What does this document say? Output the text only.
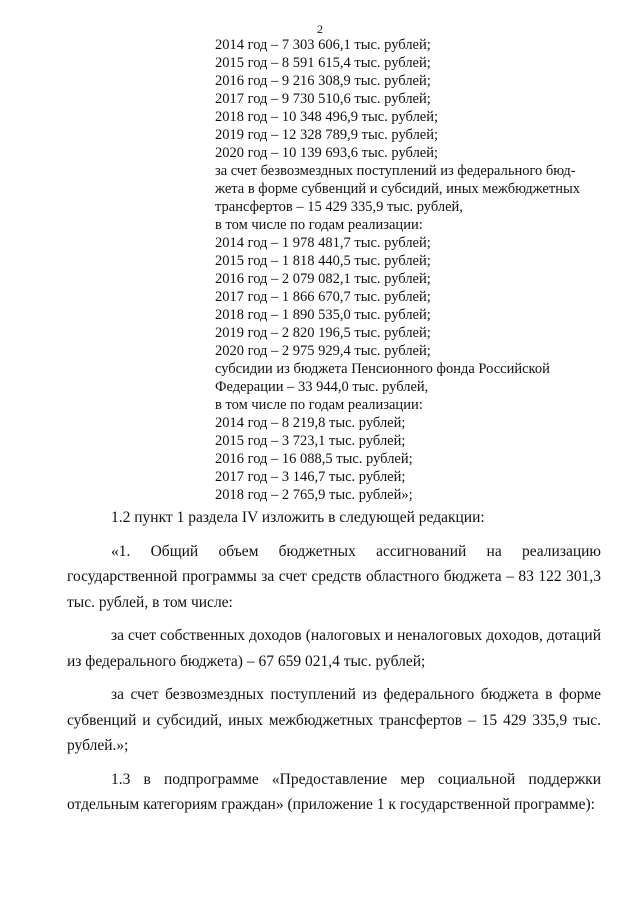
2
2014 год – 7 303 606,1 тыс. рублей;
2015 год – 8 591 615,4 тыс. рублей;
2016 год – 9 216 308,9 тыс. рублей;
2017 год – 9 730 510,6 тыс. рублей;
2018 год – 10 348 496,9 тыс. рублей;
2019 год – 12 328 789,9 тыс. рублей;
2020 год – 10 139 693,6 тыс. рублей;
за счет безвозмездных поступлений из федерального бюд-
жета в форме субвенций и субсидий, иных межбюджетных
трансфертов – 15 429 335,9 тыс. рублей,
в том числе по годам реализации:
2014 год – 1 978 481,7 тыс. рублей;
2015 год – 1 818 440,5 тыс. рублей;
2016 год – 2 079 082,1 тыс. рублей;
2017 год – 1 866 670,7 тыс. рублей;
2018 год – 1 890 535,0 тыс. рублей;
2019 год – 2 820 196,5 тыс. рублей;
2020 год – 2 975 929,4 тыс. рублей;
субсидии из бюджета Пенсионного фонда Российской
Федерации – 33 944,0 тыс. рублей,
в том числе по годам реализации:
2014 год – 8 219,8 тыс. рублей;
2015 год – 3 723,1 тыс. рублей;
2016 год – 16 088,5 тыс. рублей;
2017 год – 3 146,7 тыс. рублей;
2018 год – 2 765,9 тыс. рублей»;

1.2 пункт 1 раздела IV изложить в следующей редакции:

«1. Общий объем бюджетных ассигнований на реализацию государственной программы за счет средств областного бюджета – 83 122 301,3 тыс. рублей, в том числе:

за счет собственных доходов (налоговых и неналоговых доходов, дотаций из федерального бюджета) – 67 659 021,4 тыс. рублей;

за счет безвозмездных поступлений из федерального бюджета в форме субвенций и субсидий, иных межбюджетных трансфертов – 15 429 335,9 тыс. рублей.»;

1.3 в подпрограмме «Предоставление мер социальной поддержки отдельным категориям граждан» (приложение 1 к государственной программе):
